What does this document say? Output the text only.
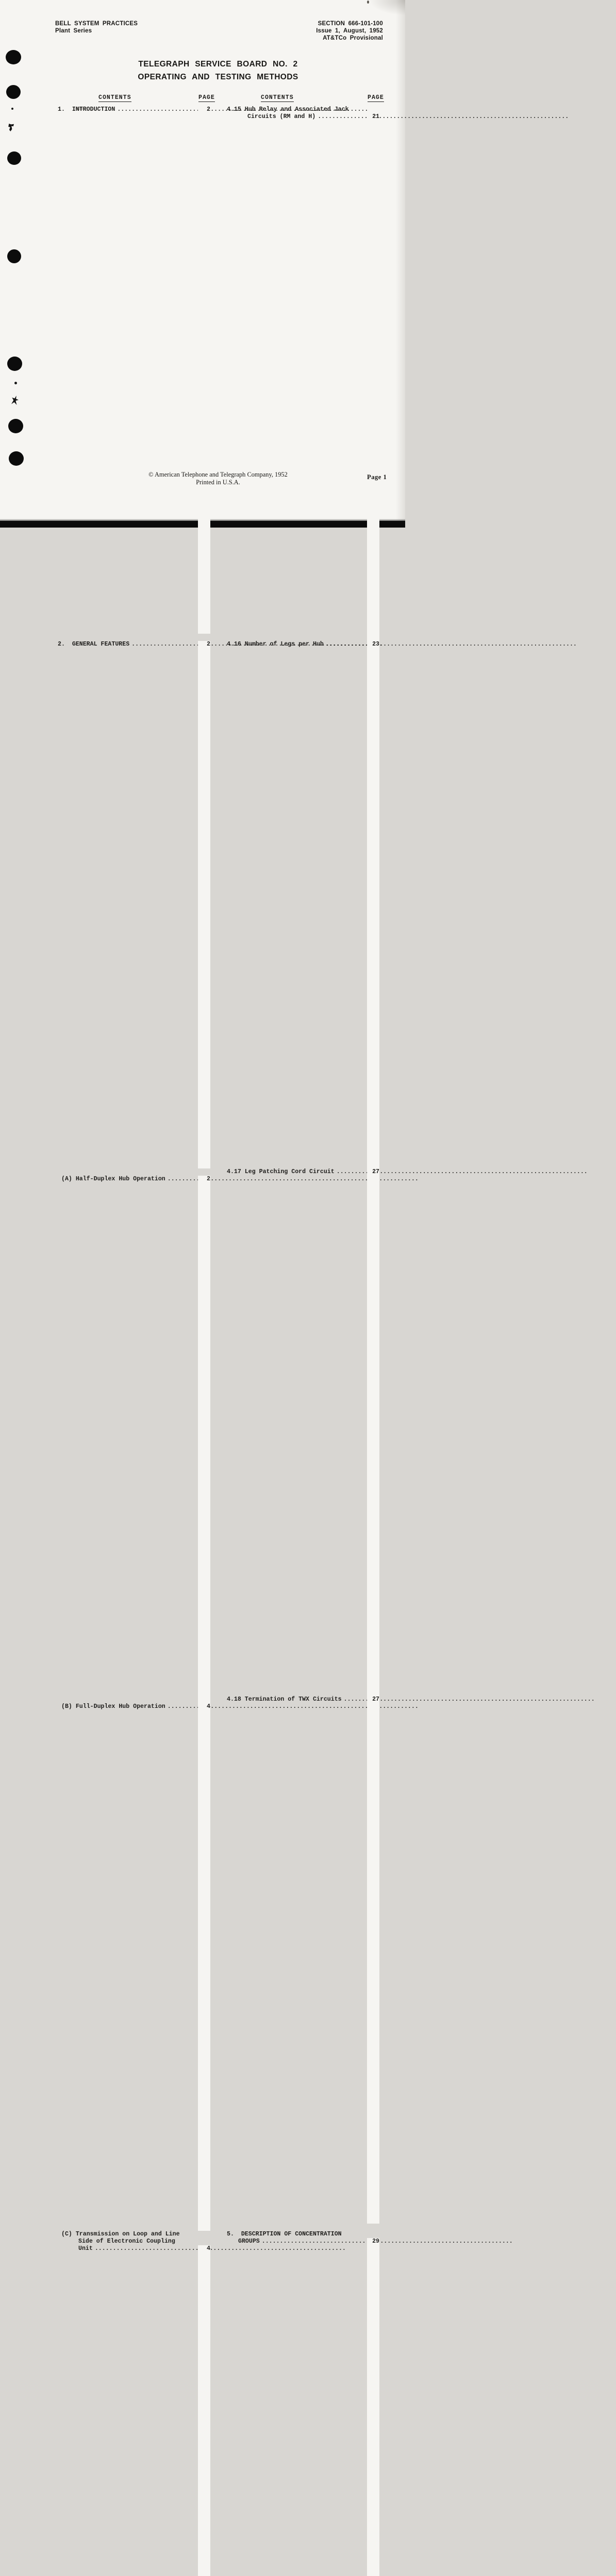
BELL SYSTEM PRACTICES
Plant Series
SECTION 666-101-100
Issue 1, August, 1952
AT&TCo Provisional
TELEGRAPH SERVICE BOARD NO. 2
OPERATING AND TESTING METHODS
CONTENTS	PAGE	CONTENTS	PAGE
1.  INTRODUCTION .....	2
2.  GENERAL FEATURES .....	2
(A) Half-Duplex Hub Operation .....	2
(B) Full-Duplex Hub Operation .....	4
(C) Transmission on Loop and Line
Side of Electronic Coupling
Unit .....	4
4.15 Hub Relay and Associated Jack
Circuits (RM and H) .....	21
4.16 Number of Legs per Hub .....	23
4.17 Leg Patching Cord Circuit .....	27
4.18 Termination of TWX Circuits .....	27
5.  DESCRIPTION OF CONCENTRATION
GROUPS .....	29
© American Telephone and Telegraph Company, 1952
Printed in U.S.A.
Page 1
